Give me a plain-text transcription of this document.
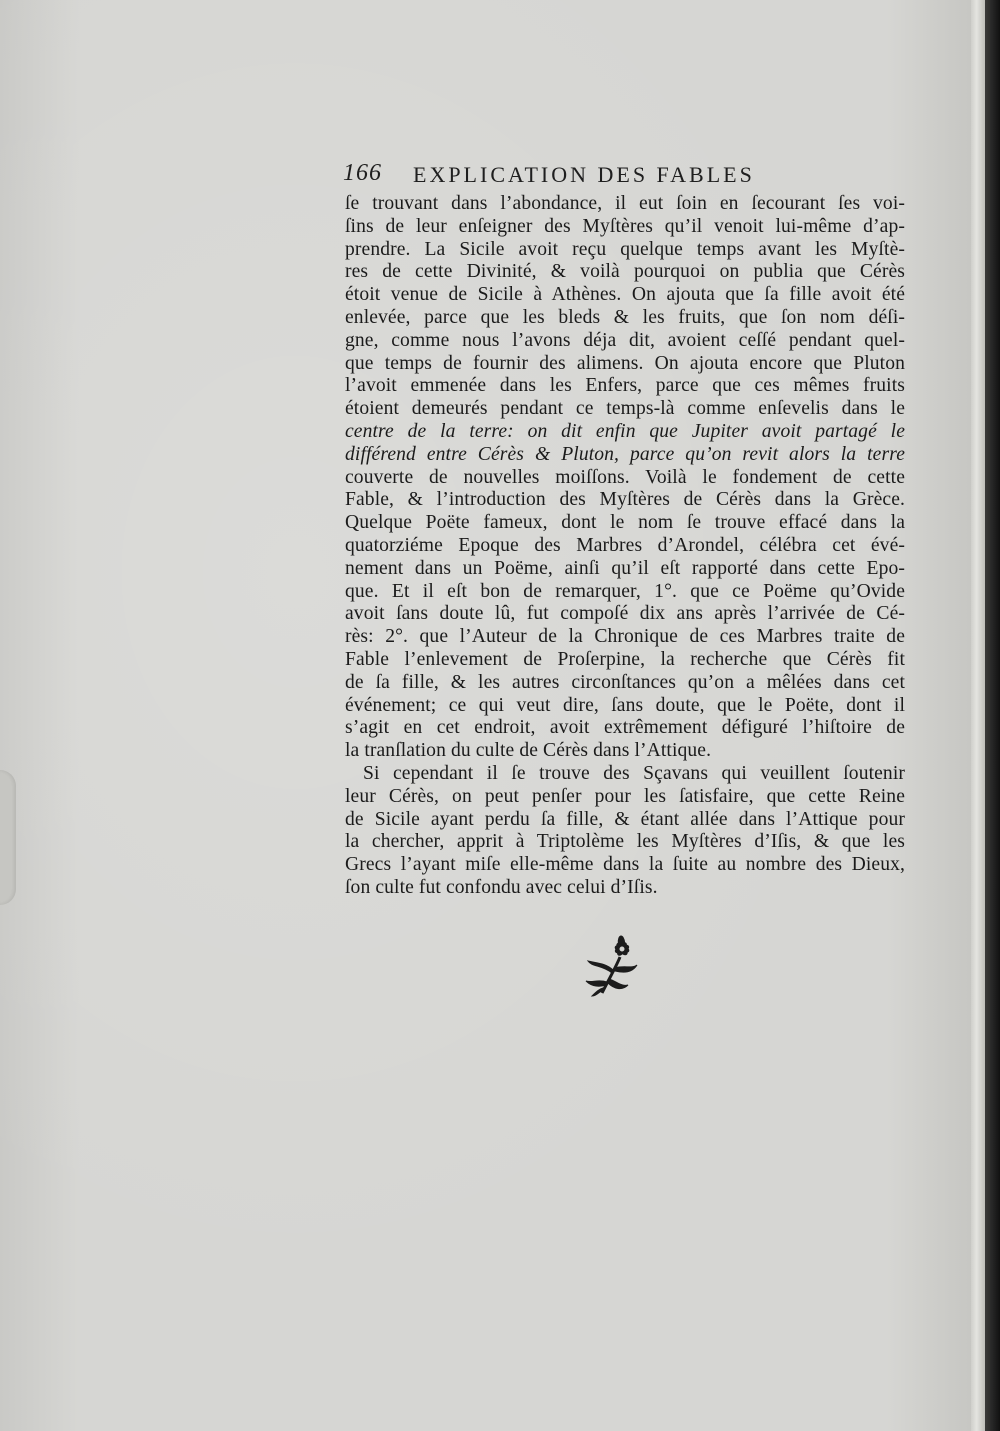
166 EXPLICATION DES FABLES
ſe trouvant dans l’abondance, il eut ſoin en ſecourant ſes voi-
ſins de leur enſeigner des Myſtères qu’il venoit lui-même d’ap-
prendre. La Sicile avoit reçu quelque temps avant les Myſtè-
res de cette Divinité, & voilà pourquoi on publia que Cérès
étoit venue de Sicile à Athènes. On ajouta que ſa fille avoit été
enlevée, parce que les bleds & les fruits, que ſon nom déſi-
gne, comme nous l’avons déja dit, avoient ceſſé pendant quel-
que temps de fournir des alimens. On ajouta encore que Pluton
l’avoit emmenée dans les Enfers, parce que ces mêmes fruits
étoient demeurés pendant ce temps-là comme enſevelis dans le
centre de la terre: on dit enfin que Jupiter avoit partagé le
différend entre Cérès & Pluton, parce qu’on revit alors la terre
couverte de nouvelles moiſſons. Voilà le fondement de cette
Fable, & l’introduction des Myſtères de Cérès dans la Grèce.
Quelque Poëte fameux, dont le nom ſe trouve effacé dans la
quatorziéme Epoque des Marbres d’Arondel, célébra cet évé-
nement dans un Poëme, ainſi qu’il eſt rapporté dans cette Epo-
que. Et il eſt bon de remarquer, 1°. que ce Poëme qu’Ovide
avoit ſans doute lû, fut compoſé dix ans après l’arrivée de Cé-
rès: 2°. que l’Auteur de la Chronique de ces Marbres traite de
Fable l’enlevement de Proſerpine, la recherche que Cérès fit
de ſa fille, & les autres circonſtances qu’on a mêlées dans cet
événement; ce qui veut dire, ſans doute, que le Poëte, dont il
s’agit en cet endroit, avoit extrêmement défiguré l’hiſtoire de
la tranſlation du culte de Cérès dans l’Attique.
Si cependant il ſe trouve des Sçavans qui veuillent ſoutenir
leur Cérès, on peut penſer pour les ſatisfaire, que cette Reine
de Sicile ayant perdu ſa fille, & étant allée dans l’Attique pour
la chercher, apprit à Triptolème les Myſtères d’Iſis, & que les
Grecs l’ayant miſe elle-même dans la ſuite au nombre des Dieux,
ſon culte fut confondu avec celui d’Iſis.
